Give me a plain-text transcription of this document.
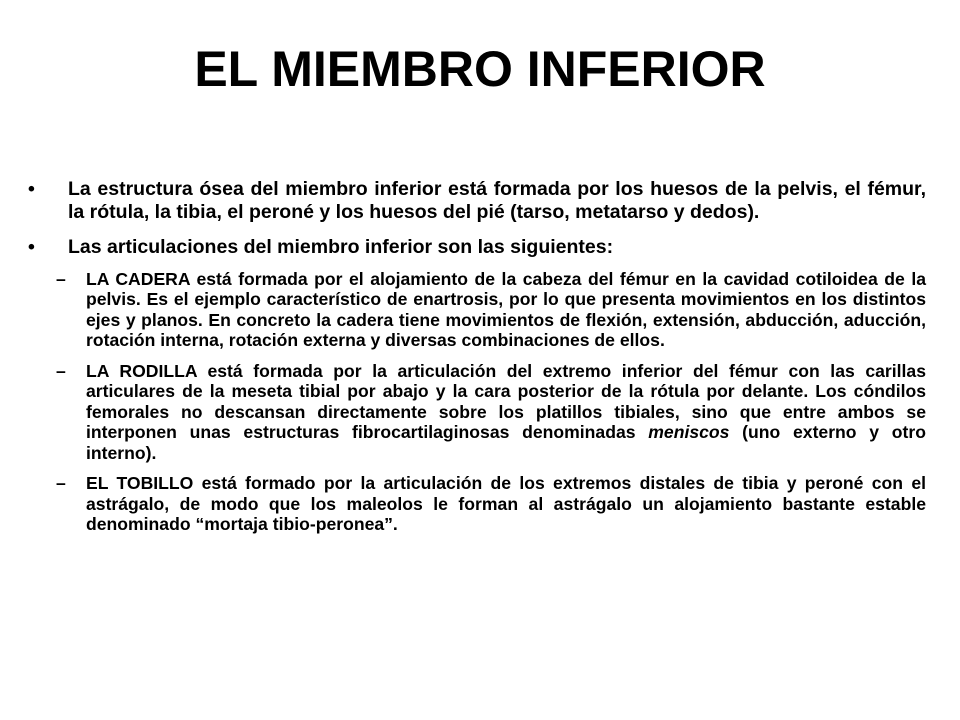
EL MIEMBRO INFERIOR
•	La estructura ósea del miembro inferior está formada por los huesos de la pelvis, el fémur, la rótula, la tibia, el peroné y los huesos del pié (tarso, metatarso y dedos).
•	Las articulaciones del miembro inferior son las siguientes:
–	LA CADERA está formada por el alojamiento de la cabeza del fémur en la cavidad cotiloidea de la pelvis. Es el ejemplo característico de enartrosis, por lo que presenta movimientos en los distintos ejes y planos. En concreto la cadera tiene movimientos de flexión, extensión, abducción, aducción, rotación interna, rotación externa y diversas combinaciones de ellos.
–	LA RODILLA está formada por la articulación del extremo inferior del fémur con las carillas articulares de la meseta tibial por abajo y la cara posterior de la rótula por delante. Los cóndilos femorales no descansan directamente sobre los platillos tibiales, sino que entre ambos se interponen unas estructuras fibrocartilaginosas denominadas meniscos (uno externo y otro interno).
–	EL TOBILLO está formado por la articulación de los extremos distales de tibia y peroné con el astrágalo, de modo que los maleolos le forman al astrágalo un alojamiento bastante estable denominado “mortaja tibio-peronea”.
